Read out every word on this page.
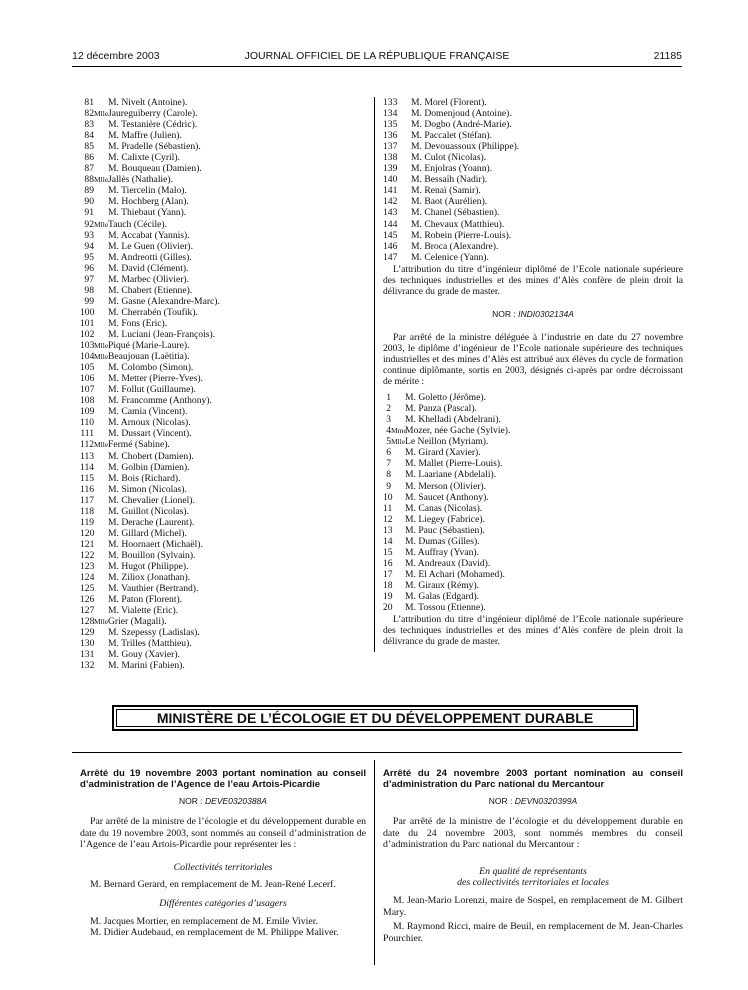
12 décembre 2003	JOURNAL OFFICIEL DE LA RÉPUBLIQUE FRANÇAISE	21185
81 M. Nivelt (Antoine).
82 Mlle Jaureguiberry (Carole).
83 M. Testanière (Cédric).
84 M. Maffre (Julien).
85 M. Pradelle (Sébastien).
86 M. Calixte (Cyril).
87 M. Bouqueau (Damien).
88 Mlle Jallès (Nathalie).
89 M. Tiercelin (Malo).
90 M. Hochberg (Alan).
91 M. Thiebaut (Yann).
92 Mlle Tauch (Cécile).
93 M. Accabat (Yannis).
94 M. Le Guen (Olivier).
95 M. Andreotti (Gilles).
96 M. David (Clément).
97 M. Marbec (Olivier).
98 M. Chabert (Etienne).
99 M. Gasne (Alexandre-Marc).
100 M. Cherrabén (Toufik).
101 M. Fons (Eric).
102 M. Luciani (Jean-François).
103 Mlle Piqué (Marie-Laure).
104 Mlle Beaujouan (Laëtitia).
105 M. Colombo (Simon).
106 M. Metter (Pierre-Yves).
107 M. Follut (Guillaume).
108 M. Francomme (Anthony).
109 M. Camia (Vincent).
110 M. Arnoux (Nicolas).
111 M. Dussart (Vincent).
112 Mlle Fermé (Sabine).
113 M. Chobert (Damien).
114 M. Golbin (Damien).
115 M. Bois (Richard).
116 M. Simon (Nicolas).
117 M. Chevalier (Lionel).
118 M. Guillot (Nicolas).
119 M. Derache (Laurent).
120 M. Gillard (Michel).
121 M. Hoornaert (Michaël).
122 M. Bouillon (Sylvain).
123 M. Hugot (Philippe).
124 M. Ziliox (Jonathan).
125 M. Vauthier (Bertrand).
126 M. Paton (Florent).
127 M. Vialette (Eric).
128 Mlle Grier (Magali).
129 M. Szepessy (Ladislas).
130 M. Trilles (Matthieu).
131 M. Gouy (Xavier).
132 M. Marini (Fabien).
133 M. Morel (Florent).
134 M. Domenjoud (Antoine).
135 M. Dogbo (André-Marie).
136 M. Paccalet (Stéfan).
137 M. Devouassoux (Philippe).
138 M. Culot (Nicolas).
139 M. Enjolras (Yoann).
140 M. Bessaïh (Nadir).
141 M. Renaï (Samir).
142 M. Baot (Aurélien).
143 M. Chanel (Sébastien).
144 M. Chevaux (Matthieu).
145 M. Robein (Pierre-Louis).
146 M. Broca (Alexandre).
147 M. Celenice (Yann).

L’attribution du titre d’ingénieur diplômé de l’Ecole nationale supérieure des techniques industrielles et des mines d’Alès confère de plein droit la délivrance du grade de master.

NOR : INDI0302134A

Par arrêté de la ministre déléguée à l’industrie en date du 27 novembre 2003, le diplôme d’ingénieur de l’Ecole nationale supérieure des techniques industrielles et des mines d’Alès est attribué aux élèves du cycle de formation continue diplômante, sortis en 2003, désignés ci-après par ordre décroissant de mérite :

1 M. Goletto (Jérôme).
2 M. Panza (Pascal).
3 M. Khelladi (Abdelrani).
4 Mme
Mozer, née Gache (Sylvie).
5 Mlle Le Neillon (Myriam).
6 M. Girard (Xavier).
7 M. Mallet (Pierre-Louis).
8 M. Laariane (Abdelali).
9 M. Merson (Olivier).
10 M. Saucet (Anthony).
11 M. Canas (Nicolas).
12 M. Liegey (Fabrice).
13 M. Pauc (Sébastien).
14 M. Dumas (Gilles).
15 M. Auffray (Yvan).
16 M. Andreaux (David).
17 M. El Achari (Mohamed).
18 M. Giraux (Rémy).
19 M. Galas (Edgard).
20 M. Tossou (Etienne).

L’attribution du titre d’ingénieur diplômé de l’Ecole nationale supérieure des techniques industrielles et des mines d’Alès confère de plein droit la délivrance du grade de master.

MINISTÈRE DE L’ÉCOLOGIE ET DU DÉVELOPPEMENT DURABLE
Arrêté du 19 novembre 2003 portant nomination au conseil d’administration de l’Agence de l’eau Artois-Picardie
NOR : DEVE0320388A

Par arrêté de la ministre de l’écologie et du développement durable en date du 19 novembre 2003, sont nommés au conseil d’administration de l’Agence de l’eau Artois-Picardie pour représenter les :

Collectivités territoriales

M. Bernard Gerard, en remplacement de M. Jean-René Lecerf.

Différentes catégories d’usagers

M. Jacques Mortier, en remplacement de M. Emile Vivier.

M. Didier Audebaud, en remplacement de M. Philippe Maliver.

Arrêté du 24 novembre 2003 portant nomination au conseil d’administration du Parc national du Mercantour
NOR : DEVN0320399A

Par arrêté de la ministre de l’écologie et du développement durable en date du 24 novembre 2003, sont nommés membres du conseil d’administration du Parc national du Mercantour :

En qualité de représentants

des collectivités territoriales et locales

M. Jean-Mario Lorenzi, maire de Sospel, en remplacement de M. Gilbert Mary.

M. Raymond Ricci, maire de Beuil, en remplacement de M. Jean-Charles Pourchier.
